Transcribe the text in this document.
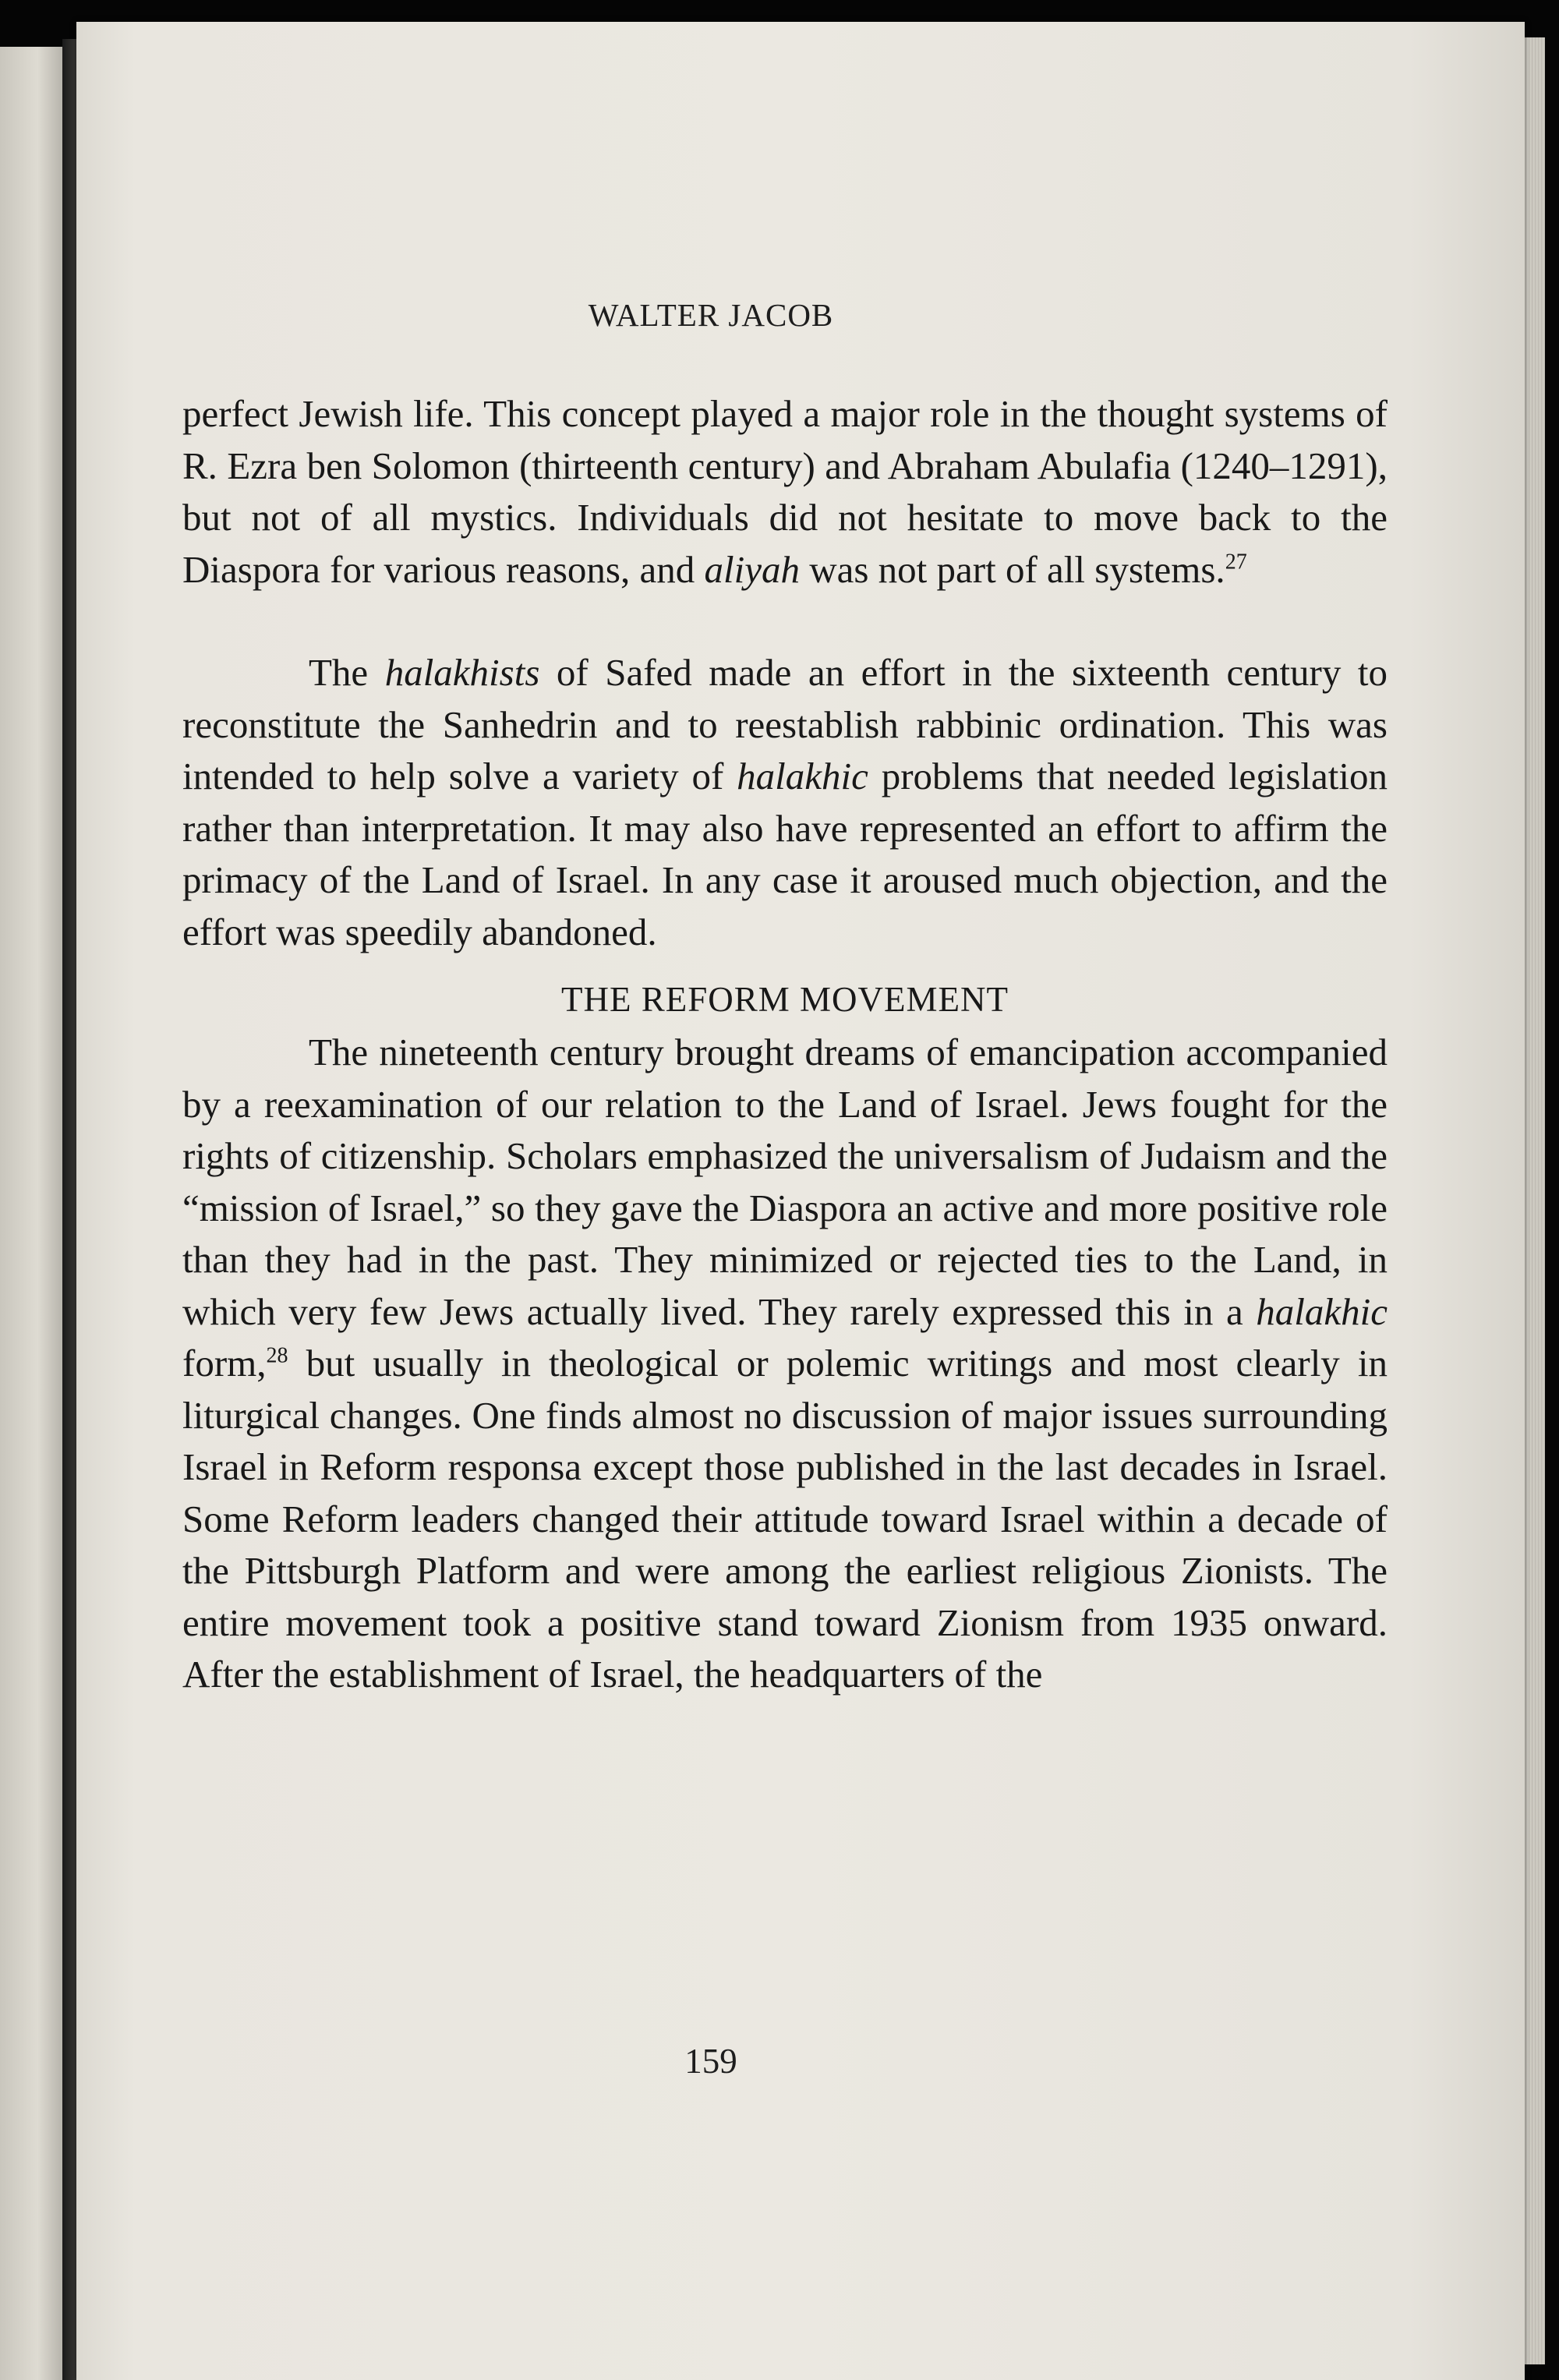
WALTER JACOB

perfect Jewish life. This concept played a major role in the thought systems of R. Ezra ben Solomon (thirteenth century) and Abraham Abulafia (1240–1291), but not of all mystics. Individuals did not hesitate to move back to the Diaspora for various reasons, and aliyah was not part of all systems.$^{27}$

The halakhists of Safed made an effort in the sixteenth century to reconstitute the Sanhedrin and to reestablish rabbinic ordination. This was intended to help solve a variety of halakhic problems that needed legislation rather than interpretation. It may also have represented an effort to affirm the primacy of the Land of Israel. In any case it aroused much objection, and the effort was speedily abandoned.

THE REFORM MOVEMENT

The nineteenth century brought dreams of emancipation accompanied by a reexamination of our relation to the Land of Israel. Jews fought for the rights of citizenship. Scholars emphasized the universalism of Judaism and the “mission of Israel,” so they gave the Diaspora an active and more positive role than they had in the past. They minimized or rejected ties to the Land, in which very few Jews actually lived. They rarely expressed this in a halakhic form,$^{28}$ but usually in theological or polemic writings and most clearly in liturgical changes. One finds almost no discussion of major issues surrounding Israel in Reform responsa except those published in the last decades in Israel. Some Reform leaders changed their attitude toward Israel within a decade of the Pittsburgh Platform and were among the earliest religious Zionists. The entire movement took a positive stand toward Zionism from 1935 onward. After the establishment of Israel, the headquarters of the

159
